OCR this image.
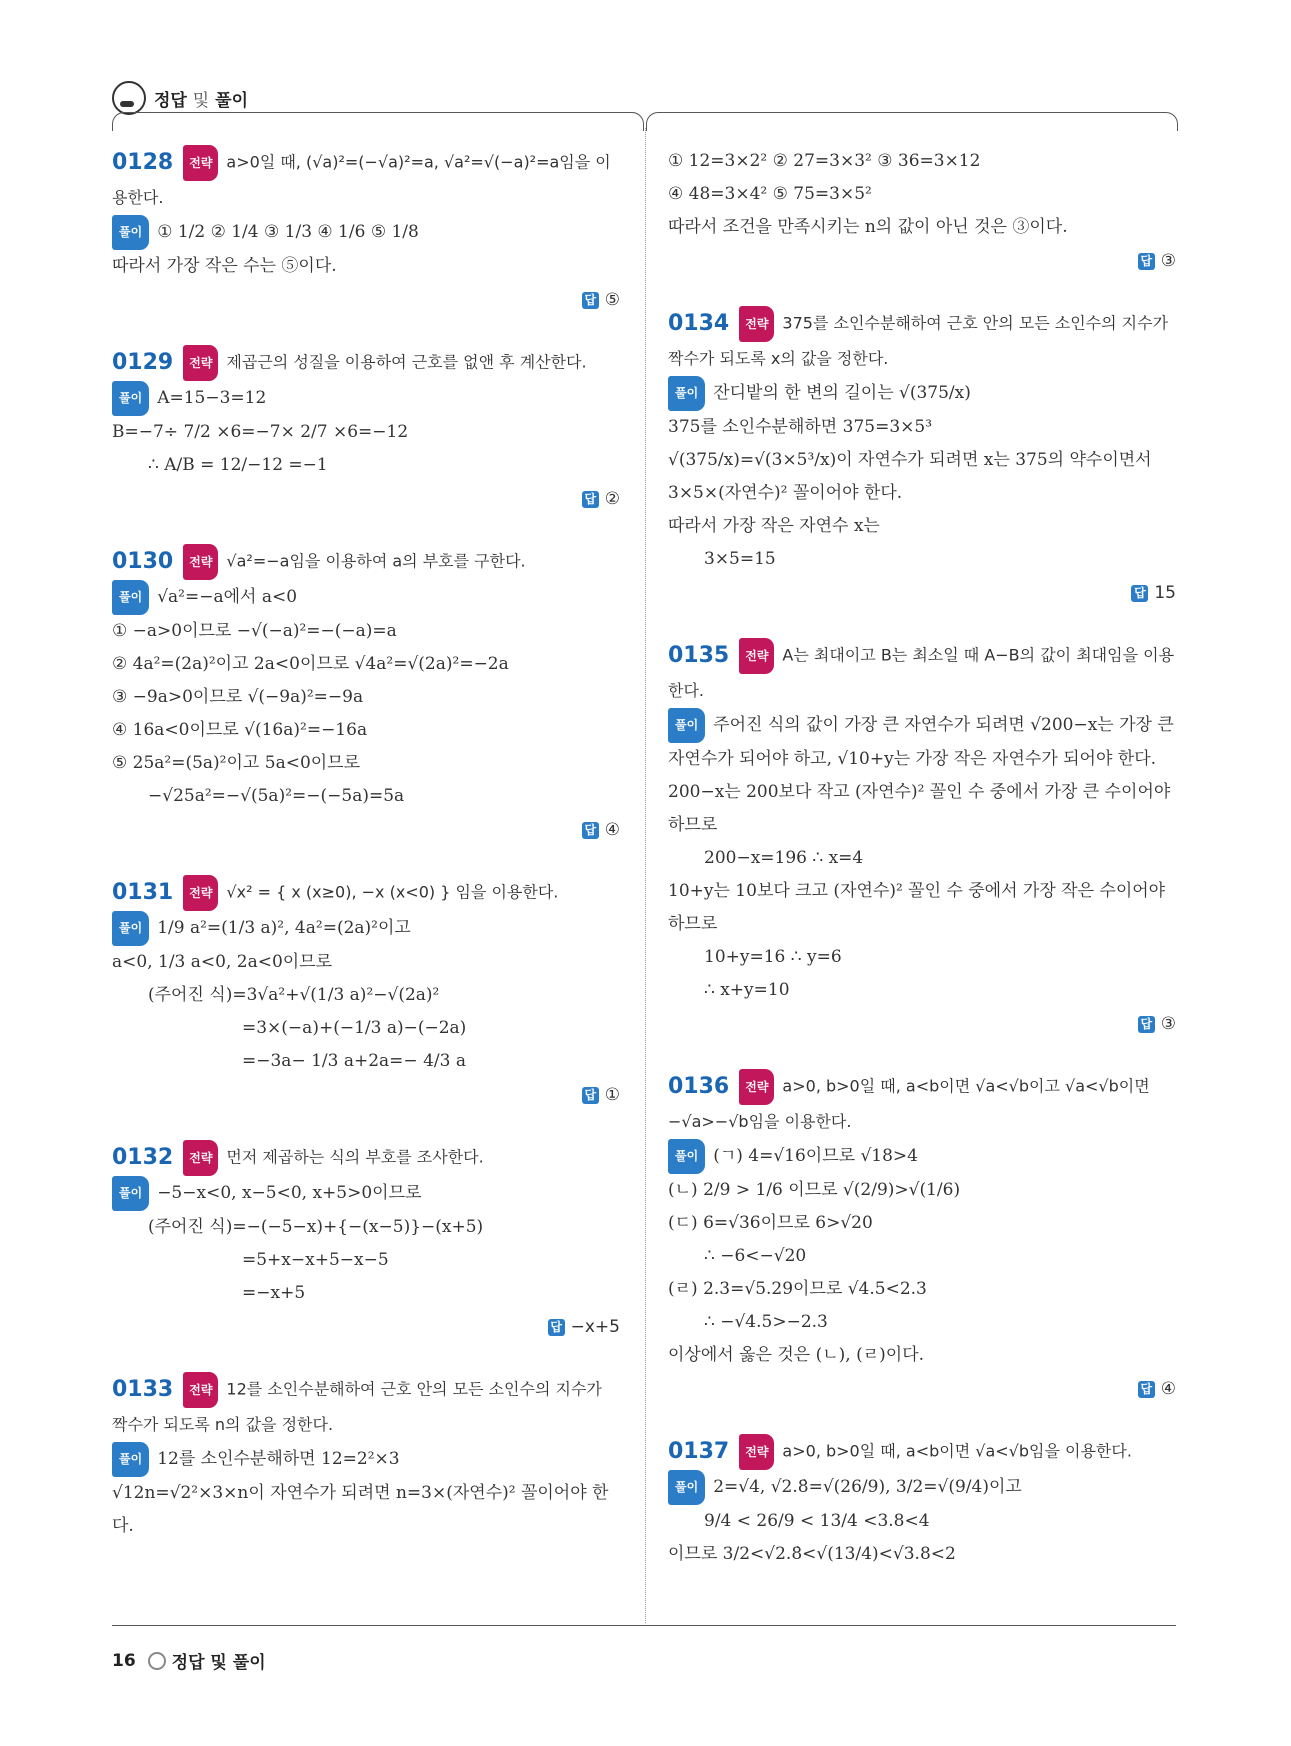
정답 및 풀이
0128 전략 a>0일 때, (√a)²=(−√a)²=a, √a²=√(−a)²=a임을 이용한다.
풀이 ① 1/2 ② 1/4 ③ 1/3 ④ 1/6 ⑤ 1/8
따라서 가장 작은 수는 ⑤이다.
답 ⑤
0129 전략 제곱근의 성질을 이용하여 근호를 없앤 후 계산한다.
풀이 A=15−3=12
B=−7÷ 7/2 ×6=−7× 2/7 ×6=−12
∴ A/B = 12/−12 =−1
답 ②
0130 전략 √a²=−a임을 이용하여 a의 부호를 구한다.
풀이 √a²=−a에서 a<0
① −a>0이므로 −√(−a)²=−(−a)=a
② 4a²=(2a)²이고 2a<0이므로 √4a²=√(2a)²=−2a
③ −9a>0이므로 √(−9a)²=−9a
④ 16a<0이므로 √(16a)²=−16a
⑤ 25a²=(5a)²이고 5a<0이므로
−√25a²=−√(5a)²=−(−5a)=5a
답 ④
0131 전략 √x² = { x (x≥0), −x (x<0) } 임을 이용한다.
풀이 1/9 a²=(1/3 a)², 4a²=(2a)²이고
a<0, 1/3 a<0, 2a<0이므로
(주어진 식)=3√a²+√(1/3 a)²−√(2a)²
=3×(−a)+(−1/3 a)−(−2a)
=−3a− 1/3 a+2a=− 4/3 a
답 ①
0132 전략 먼저 제곱하는 식의 부호를 조사한다.
풀이 −5−x<0, x−5<0, x+5>0이므로
(주어진 식)=−(−5−x)+{−(x−5)}−(x+5)
=5+x−x+5−x−5
=−x+5
답 −x+5
0133 전략 12를 소인수분해하여 근호 안의 모든 소인수의 지수가 짝수가 되도록 n의 값을 정한다.
풀이 12를 소인수분해하면 12=2²×3
√12n=√2²×3×n이 자연수가 되려면 n=3×(자연수)² 꼴이어야 한다.
① 12=3×2² ② 27=3×3² ③ 36=3×12
④ 48=3×4² ⑤ 75=3×5²
따라서 조건을 만족시키는 n의 값이 아닌 것은 ③이다.
답 ③
0134 전략 375를 소인수분해하여 근호 안의 모든 소인수의 지수가 짝수가 되도록 x의 값을 정한다.
풀이 잔디밭의 한 변의 길이는 √(375/x)
375를 소인수분해하면 375=3×5³
√(375/x)=√(3×5³/x)이 자연수가 되려면 x는 375의 약수이면서
3×5×(자연수)² 꼴이어야 한다.
따라서 가장 작은 자연수 x는
3×5=15
답 15
0135 전략 A는 최대이고 B는 최소일 때 A−B의 값이 최대임을 이용한다.
풀이 주어진 식의 값이 가장 큰 자연수가 되려면 √200−x는 가장 큰 자연수가 되어야 하고, √10+y는 가장 작은 자연수가 되어야 한다.
200−x는 200보다 작고 (자연수)² 꼴인 수 중에서 가장 큰 수이어야 하므로
200−x=196 ∴ x=4
10+y는 10보다 크고 (자연수)² 꼴인 수 중에서 가장 작은 수이어야 하므로
10+y=16 ∴ y=6
∴ x+y=10
답 ③
0136 전략 a>0, b>0일 때, a<b이면 √a<√b이고 √a<√b이면 −√a>−√b임을 이용한다.
풀이 (ㄱ) 4=√16이므로 √18>4
(ㄴ) 2/9 > 1/6 이므로 √(2/9)>√(1/6)
(ㄷ) 6=√36이므로 6>√20
∴ −6<−√20
(ㄹ) 2.3=√5.29이므로 √4.5<2.3
∴ −√4.5>−2.3
이상에서 옳은 것은 (ㄴ), (ㄹ)이다.
답 ④
0137 전략 a>0, b>0일 때, a<b이면 √a<√b임을 이용한다.
풀이 2=√4, √2.8̇=√(26/9), 3/2=√(9/4)이고
9/4 < 26/9 < 13/4 <3.8<4
이므로 3/2<√2.8̇<√(13/4)<√3.8<2
16 정답 및 풀이
